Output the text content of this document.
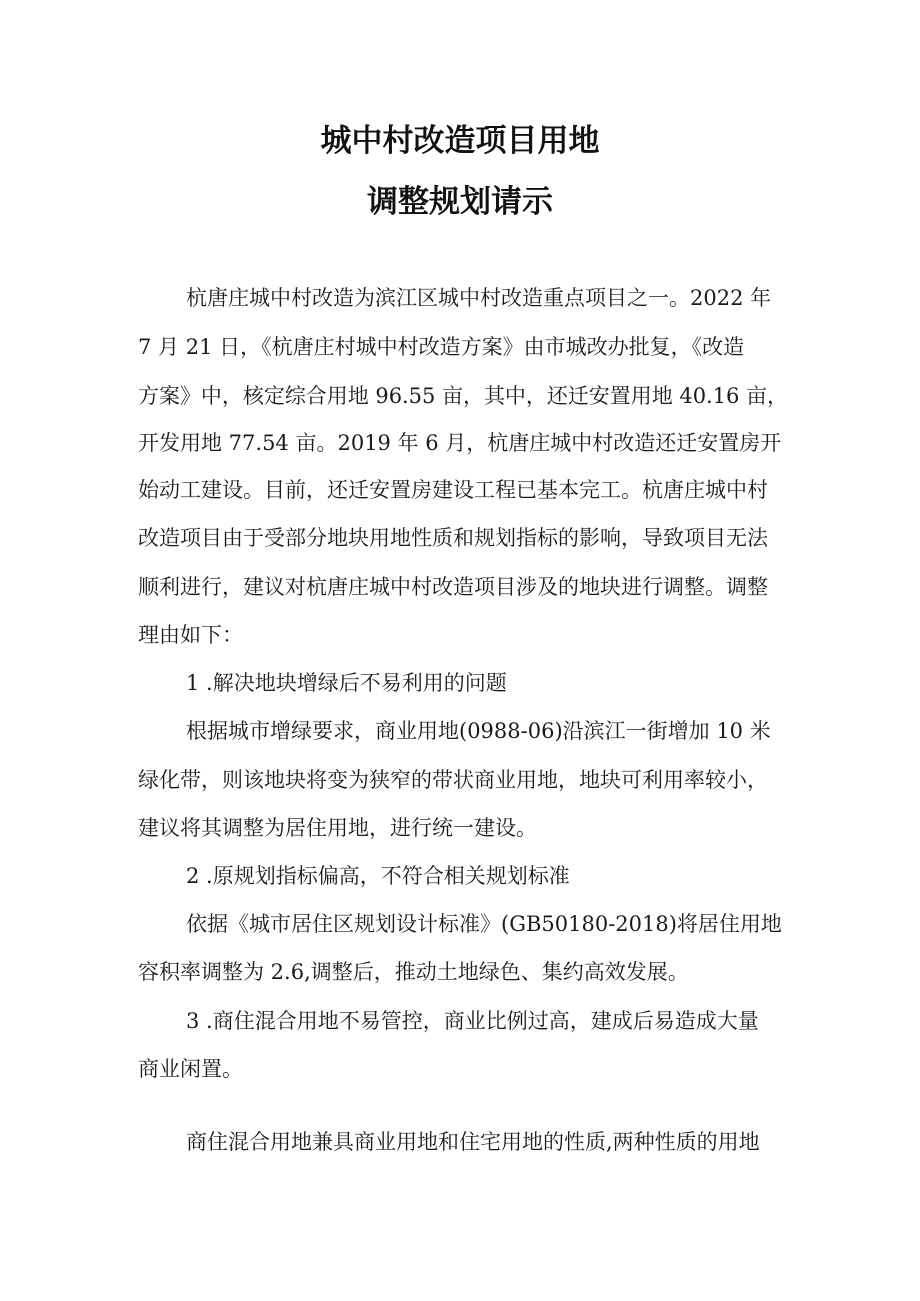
城中村改造项目用地
调整规划请示
杭唐庄城中村改造为滨江区城中村改造重点项目之一。2022 年
7 月 21 日，《杭唐庄村城中村改造方案》由市城改办批复，《改造
方案》中，核定综合用地 96.55 亩，其中，还迁安置用地 40.16 亩，
开发用地 77.54 亩。2019 年 6 月，杭唐庄城中村改造还迁安置房开
始动工建设。目前，还迁安置房建设工程已基本完工。杭唐庄城中村
改造项目由于受部分地块用地性质和规划指标的影响，导致项目无法
顺利进行，建议对杭唐庄城中村改造项目涉及的地块进行调整。调整
理由如下：
1 .解决地块增绿后不易利用的问题
根据城市增绿要求，商业用地(0988-06)沿滨江一街增加 10 米
绿化带，则该地块将变为狭窄的带状商业用地，地块可利用率较小，
建议将其调整为居住用地，进行统一建设。
2 .原规划指标偏高，不符合相关规划标准
依据《城市居住区规划设计标准》(GB50180-2018)将居住用地
容积率调整为 2.6,调整后，推动土地绿色、集约高效发展。
3 .商住混合用地不易管控，商业比例过高，建成后易造成大量
商业闲置。
商住混合用地兼具商业用地和住宅用地的性质,两种性质的用地
